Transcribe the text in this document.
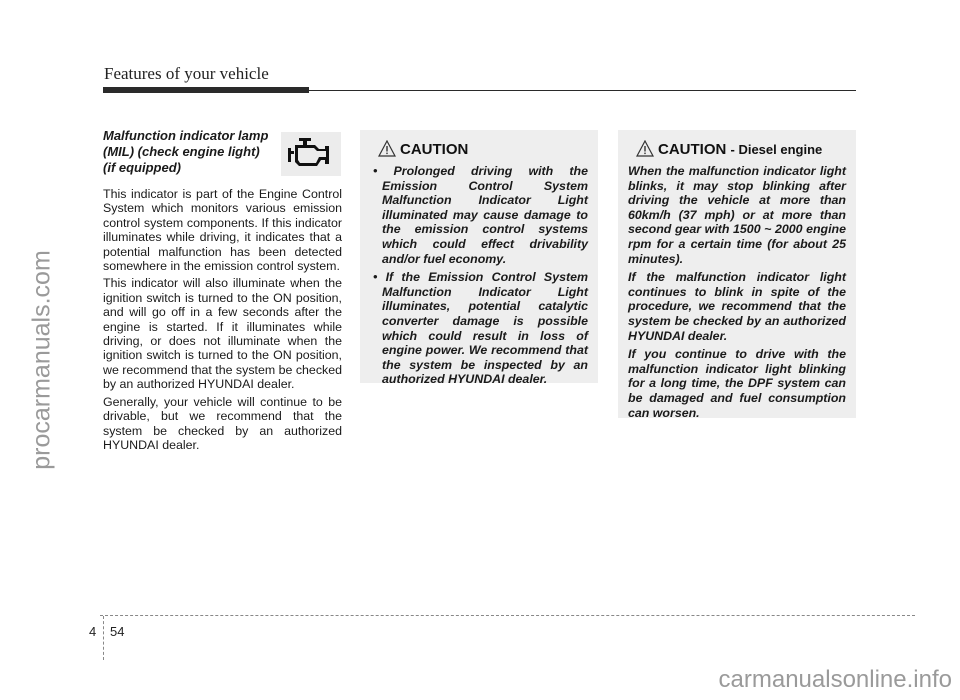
Features of your vehicle
procarmanuals.com
Malfunction indicator lamp
(MIL) (check engine light)
(if equipped)

This indicator is part of the Engine Control System which monitors various emission control system components. If this indicator illuminates while driving, it indicates that a potential malfunction has been detected somewhere in the emission control system.

This indicator will also illuminate when the ignition switch is turned to the ON position, and will go off in a few seconds after the engine is started. If it illuminates while driving, or does not illuminate when the ignition switch is turned to the ON position, we recommend that the system be checked by an authorized HYUNDAI dealer.

Generally, your vehicle will continue to be drivable, but we recommend that the system be checked by an authorized HYUNDAI dealer.

CAUTION

• Prolonged driving with the Emission Control System Malfunction Indicator Light illuminated may cause damage to the emission control systems which could effect drivability and/or fuel economy.

• If the Emission Control System Malfunction Indicator Light illuminates, potential catalytic converter damage is possible which could result in loss of engine power. We recommend that the system be inspected by an authorized HYUNDAI dealer.

CAUTION - Diesel engine

When the malfunction indicator light blinks, it may stop blinking after driving the vehicle at more than 60km/h (37 mph) or at more than second gear with 1500 ~ 2000 engine rpm for a certain time (for about 25 minutes).

If the malfunction indicator light continues to blink in spite of the procedure, we recommend that the system be checked by an authorized HYUNDAI dealer.

If you continue to drive with the malfunction indicator light blinking for a long time, the DPF system can be damaged and fuel consumption can worsen.

4 54
carmanualsonline.info
